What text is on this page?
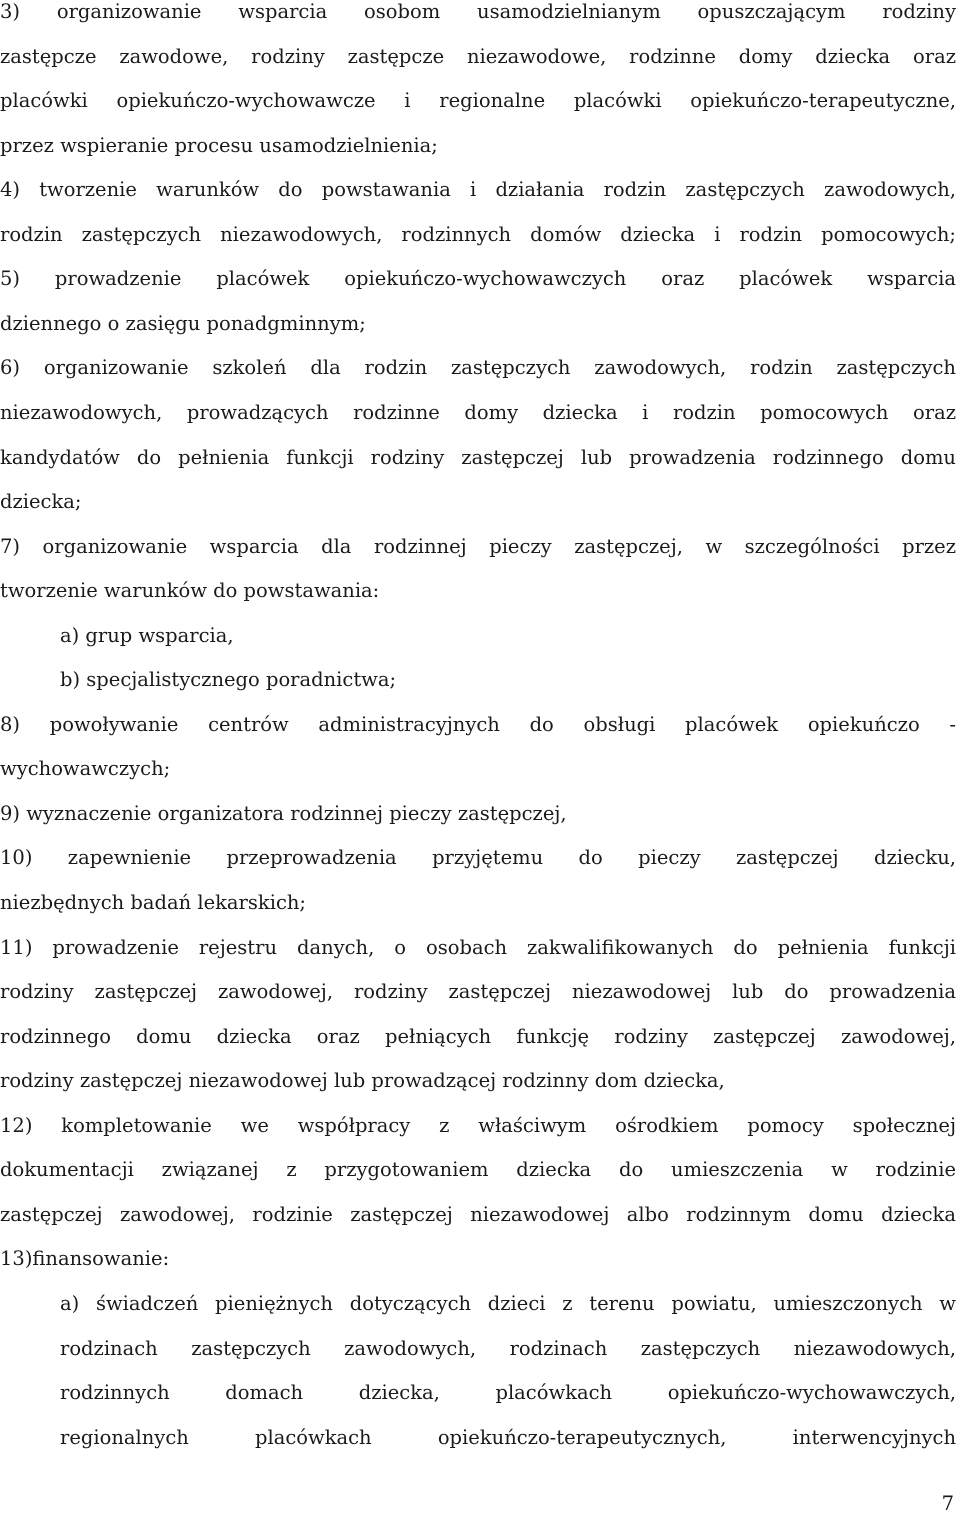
3) organizowanie wsparcia osobom usamodzielnianym opuszczającym rodziny
zastępcze zawodowe, rodziny zastępcze niezawodowe, rodzinne domy dziecka oraz
placówki opiekuńczo-wychowawcze i regionalne placówki opiekuńczo-terapeutyczne,
przez wspieranie procesu usamodzielnienia;
4) tworzenie warunków do powstawania i działania rodzin zastępczych zawodowych,
rodzin zastępczych niezawodowych, rodzinnych domów dziecka i rodzin pomocowych;
5) prowadzenie placówek opiekuńczo-wychowawczych oraz placówek wsparcia
dziennego o zasięgu ponadgminnym;
6) organizowanie szkoleń dla rodzin zastępczych zawodowych, rodzin zastępczych
niezawodowych, prowadzących rodzinne domy dziecka i rodzin pomocowych oraz
kandydatów do pełnienia funkcji rodziny zastępczej lub prowadzenia rodzinnego domu
dziecka;
7) organizowanie wsparcia dla rodzinnej pieczy zastępczej, w szczególności przez
tworzenie warunków do powstawania:
a) grup wsparcia,
b) specjalistycznego poradnictwa;
8) powoływanie centrów administracyjnych do obsługi placówek opiekuńczo -
wychowawczych;
9) wyznaczenie organizatora rodzinnej pieczy zastępczej,
10) zapewnienie przeprowadzenia przyjętemu do pieczy zastępczej dziecku,
niezbędnych badań lekarskich;
11) prowadzenie rejestru danych, o osobach zakwalifikowanych do pełnienia funkcji
rodziny zastępczej zawodowej, rodziny zastępczej niezawodowej lub do prowadzenia
rodzinnego domu dziecka oraz pełniących funkcję rodziny zastępczej zawodowej,
rodziny zastępczej niezawodowej lub prowadzącej rodzinny dom dziecka,
12) kompletowanie we współpracy z właściwym ośrodkiem pomocy społecznej
dokumentacji związanej z przygotowaniem dziecka do umieszczenia w rodzinie
zastępczej zawodowej, rodzinie zastępczej niezawodowej albo rodzinnym domu dziecka
13)finansowanie:
a) świadczeń pieniężnych dotyczących dzieci z terenu powiatu, umieszczonych w
rodzinach zastępczych zawodowych, rodzinach zastępczych niezawodowych,
rodzinnych domach dziecka, placówkach opiekuńczo-wychowawczych,
regionalnych placówkach opiekuńczo-terapeutycznych, interwencyjnych
7
